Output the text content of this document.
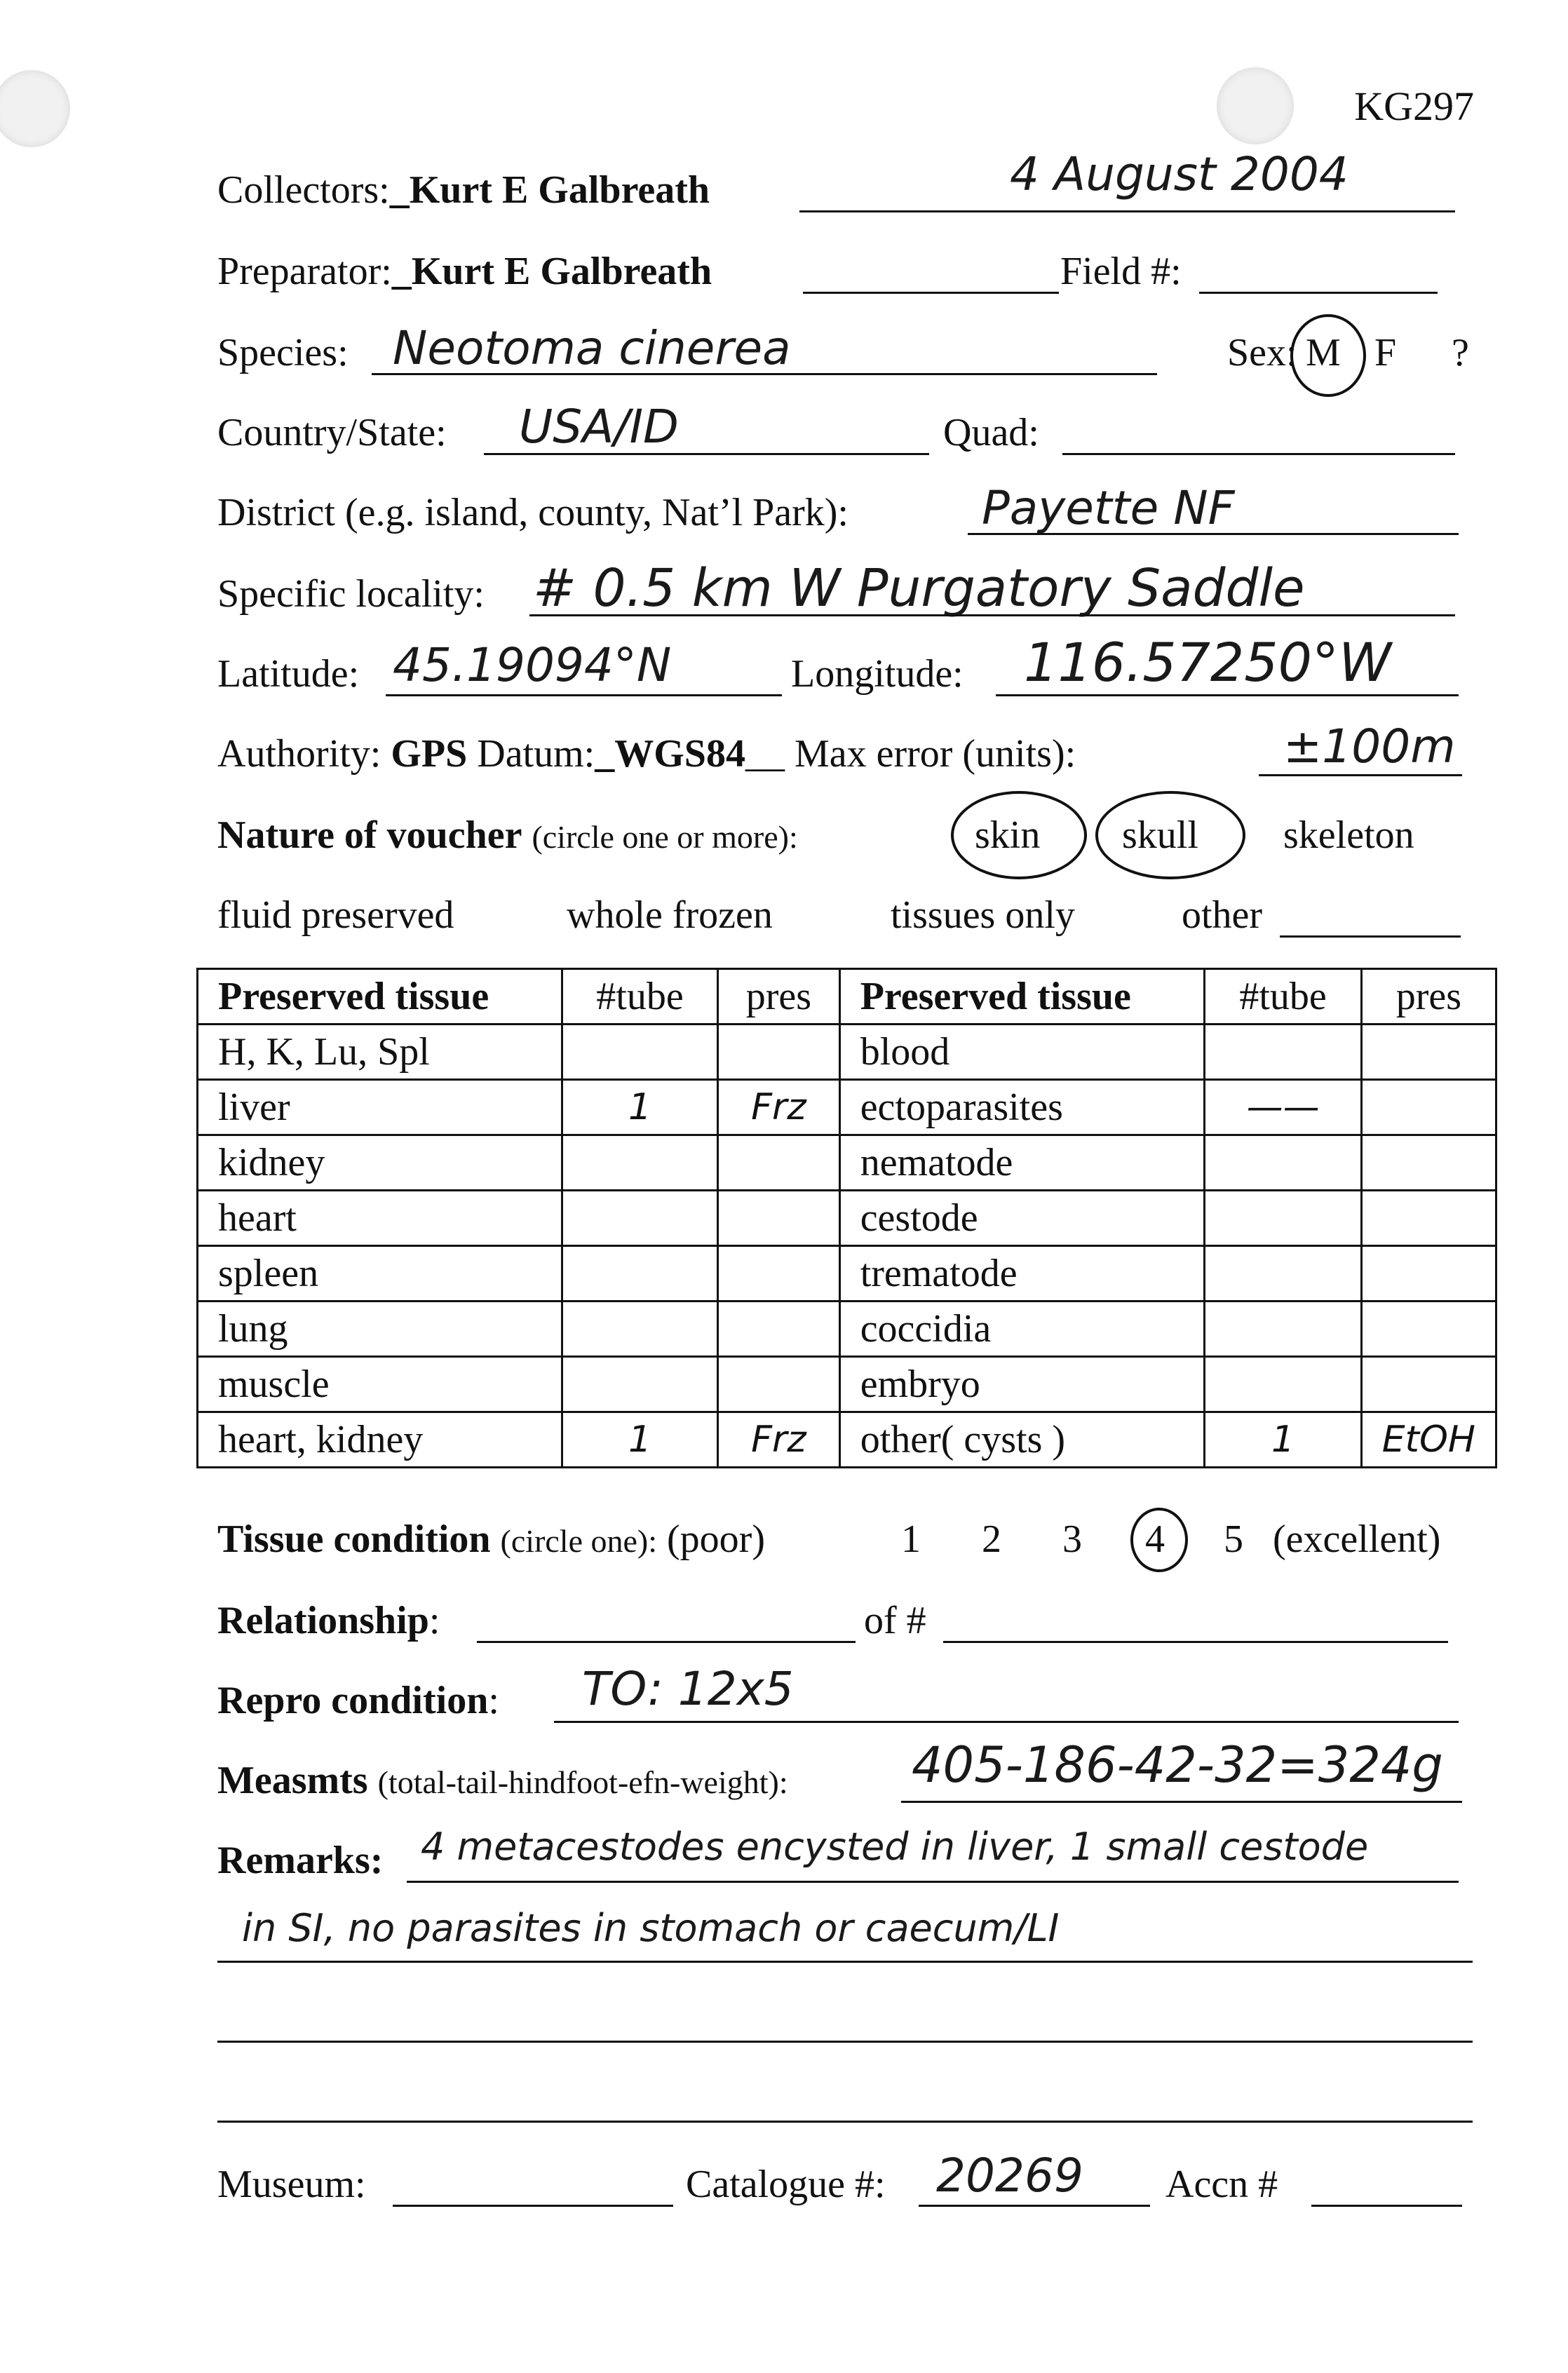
KG297
Collectors:_Kurt E Galbreath	4 August 2004
Preparator:_Kurt E Galbreath	Field #:
Species: Neotoma cinerea	Sex: M F ?
Country/State: USA/ID	Quad:
District (e.g. island, county, Nat’l Park):	Payette NF
Specific locality: # 0.5 km W Purgatory Saddle
Latitude: 45.19094°N	Longitude: 116.57250°W
Authority: GPS Datum:_WGS84__ Max error (units):	±100m
Nature of voucher (circle one or more):	skin skull skeleton
fluid preserved	whole frozen	tissues only	other
Preserved tissue	#tube	pres	Preserved tissue	#tube	pres
H, K, Lu, Spl			blood		
liver	1	Frz	ectoparasites	——	
kidney			nematode		
heart			cestode		
spleen			trematode		
lung			coccidia		
muscle			embryo		
heart, kidney	1	Frz	other( cysts )	1	EtOH
Tissue condition (circle one): (poor)	1 2 3 4 5 (excellent)
Relationship:	of #
Repro condition: TO: 12x5
Measmts (total-tail-hindfoot-efn-weight):	405-186-42-32=324g
Remarks: 4 metacestodes encysted in liver, 1 small cestode
in SI, no parasites in stomach or caecum/LI
Museum:	Catalogue #: 20269 Accn #
